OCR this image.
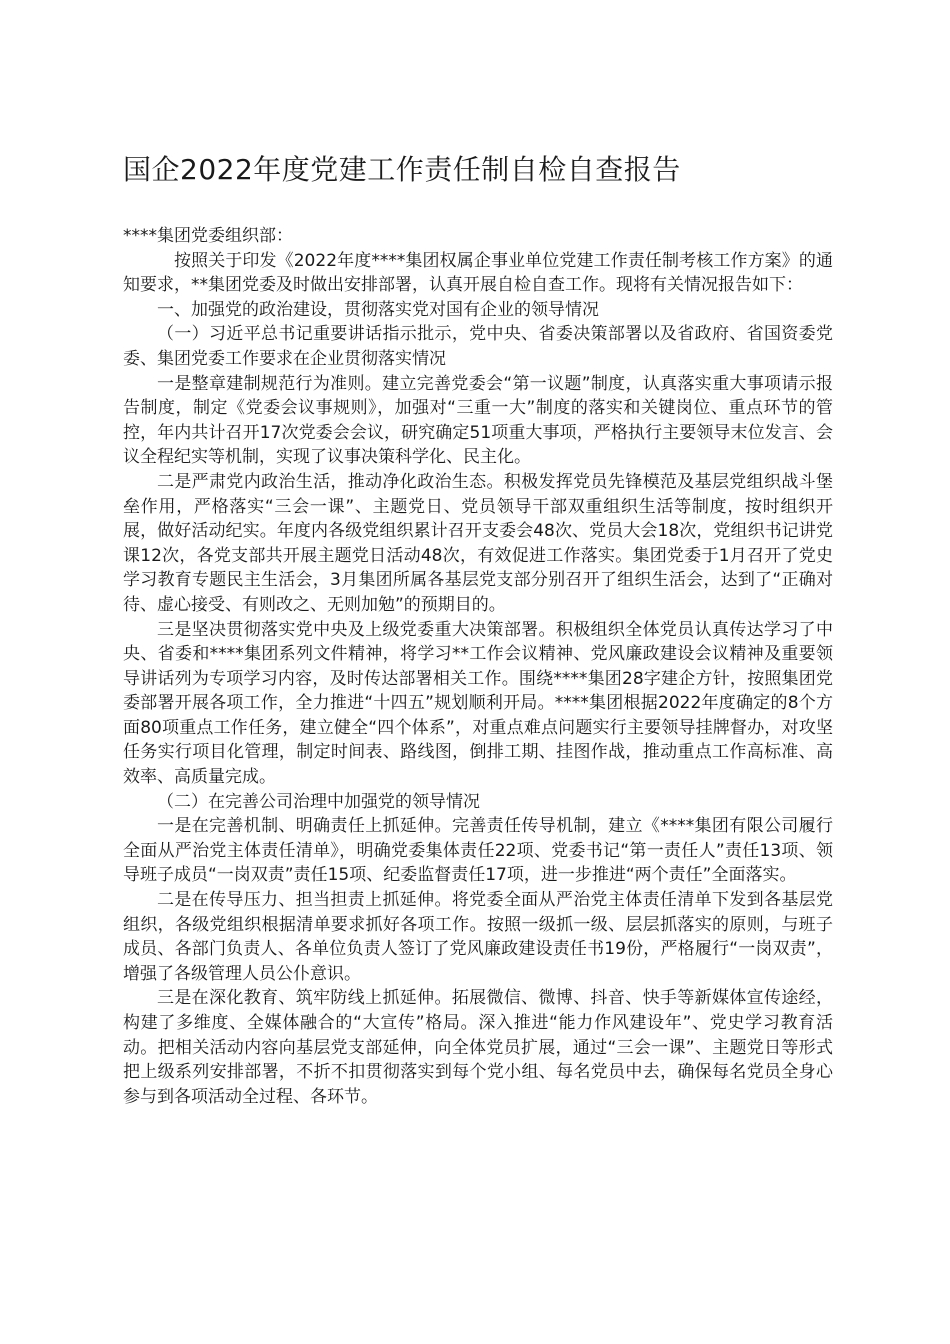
国企2022年度党建工作责任制自检自查报告

****集团党委组织部：

按照关于印发《2022年度****集团权属企事业单位党建工作责任制考核工作方案》的通知要求，**集团党委及时做出安排部署，认真开展自检自查工作。现将有关情况报告如下：

一、加强党的政治建设，贯彻落实党对国有企业的领导情况

（一）习近平总书记重要讲话指示批示，党中央、省委决策部署以及省政府、省国资委党委、集团党委工作要求在企业贯彻落实情况

一是整章建制规范行为准则。建立完善党委会“第一议题”制度，认真落实重大事项请示报告制度，制定《党委会议事规则》，加强对“三重一大”制度的落实和关键岗位、重点环节的管控，年内共计召开17次党委会会议，研究确定51项重大事项，严格执行主要领导末位发言、会议全程纪实等机制，实现了议事决策科学化、民主化。

二是严肃党内政治生活，推动净化政治生态。积极发挥党员先锋模范及基层党组织战斗堡垒作用，严格落实“三会一课”、主题党日、党员领导干部双重组织生活等制度，按时组织开展，做好活动纪实。年度内各级党组织累计召开支委会48次、党员大会18次，党组织书记讲党课12次，各党支部共开展主题党日活动48次，有效促进工作落实。集团党委于1月召开了党史学习教育专题民主生活会，3月集团所属各基层党支部分别召开了组织生活会，达到了“正确对待、虚心接受、有则改之、无则加勉”的预期目的。

三是坚决贯彻落实党中央及上级党委重大决策部署。积极组织全体党员认真传达学习了中央、省委和****集团系列文件精神，将学习**工作会议精神、党风廉政建设会议精神及重要领导讲话列为专项学习内容，及时传达部署相关工作。围绕****集团28字建企方针，按照集团党委部署开展各项工作，全力推进“十四五”规划顺利开局。****集团根据2022年度确定的8个方面80项重点工作任务，建立健全“四个体系”，对重点难点问题实行主要领导挂牌督办，对攻坚任务实行项目化管理，制定时间表、路线图，倒排工期、挂图作战，推动重点工作高标准、高效率、高质量完成。

（二）在完善公司治理中加强党的领导情况

一是在完善机制、明确责任上抓延伸。完善责任传导机制，建立《****集团有限公司履行全面从严治党主体责任清单》，明确党委集体责任22项、党委书记“第一责任人”责任13项、领导班子成员“一岗双责”责任15项、纪委监督责任17项，进一步推进“两个责任”全面落实。

二是在传导压力、担当担责上抓延伸。将党委全面从严治党主体责任清单下发到各基层党组织，各级党组织根据清单要求抓好各项工作。按照一级抓一级、层层抓落实的原则，与班子成员、各部门负责人、各单位负责人签订了党风廉政建设责任书19份，严格履行“一岗双责”，增强了各级管理人员公仆意识。

三是在深化教育、筑牢防线上抓延伸。拓展微信、微博、抖音、快手等新媒体宣传途经，构建了多维度、全媒体融合的“大宣传”格局。深入推进“能力作风建设年”、党史学习教育活动。把相关活动内容向基层党支部延伸，向全体党员扩展，通过“三会一课”、主题党日等形式把上级系列安排部署，不折不扣贯彻落实到每个党小组、每名党员中去，确保每名党员全身心参与到各项活动全过程、各环节。
